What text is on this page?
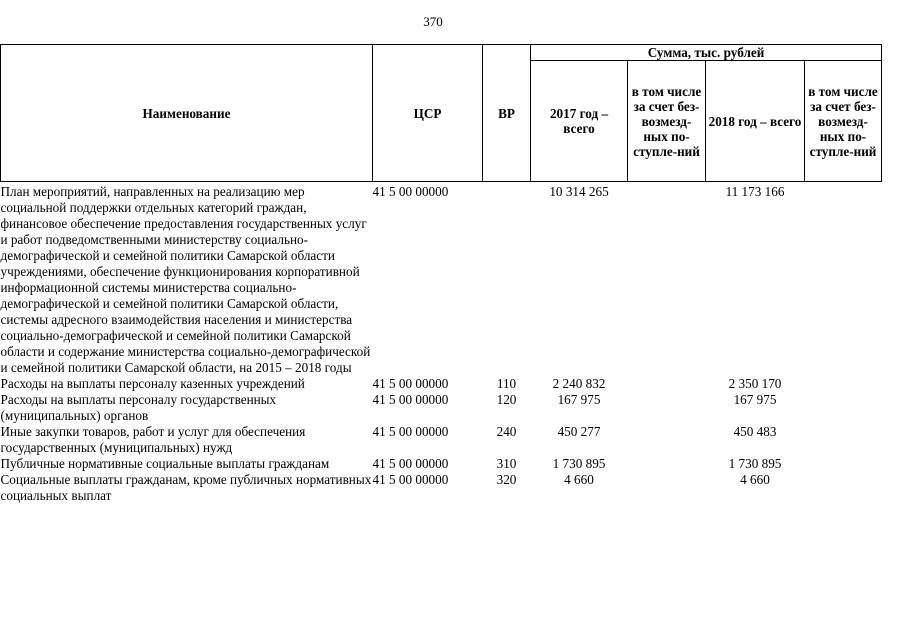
370
Наименование	ЦСР	ВР	Сумма, тыс. рублей			
			2017 год – всего	в том числе за счет без-возмезд-ных по-ступле-ний	2018 год – всего	в том числе за счет без-возмезд-ных по-ступле-ний
План мероприятий, направленных на реализацию мер социальной поддержки отдельных категорий граждан, финансовое обеспечение предоставления государственных услуг и работ подведомственными министерству социально-демографической и семейной политики Самарской области учреждениями, обеспечение функционирования корпоративной информационной системы министерства социально-демографической и семейной политики Самарской области, системы адресного взаимодействия населения и министерства социально-демографической и семейной политики Самарской области и содержание министерства социально-демографической и семейной политики Самарской области, на 2015 – 2018 годы	41 5 00 00000		10 314 265		11 173 166	
Расходы на выплаты персоналу казенных учреждений	41 5 00 00000	110	2 240 832		2 350 170	
Расходы на выплаты персоналу государственных (муниципальных) органов	41 5 00 00000	120	167 975		167 975	
Иные закупки товаров, работ и услуг для обеспечения государственных (муниципальных) нужд	41 5 00 00000	240	450 277		450 483	
Публичные нормативные социальные выплаты гражданам	41 5 00 00000	310	1 730 895		1 730 895	
Социальные выплаты гражданам, кроме публичных нормативных социальных выплат	41 5 00 00000	320	4 660		4 660	
